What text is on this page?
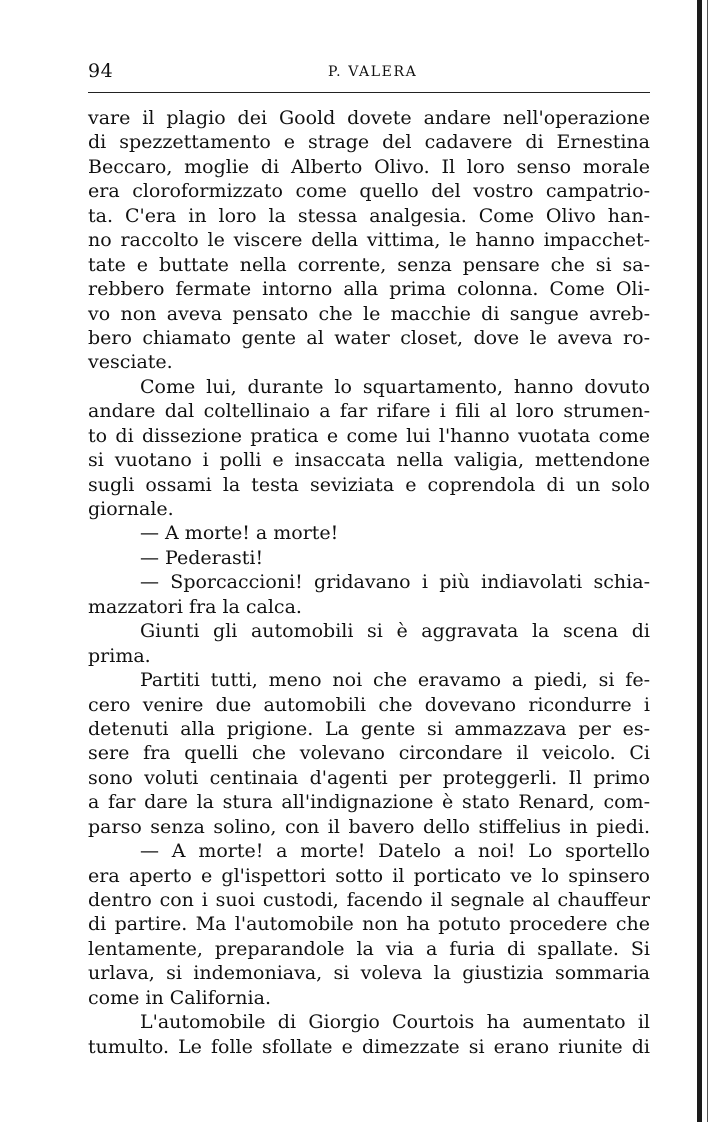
94	P. VALERA
vare il plagio dei Goold dovete andare nell'operazione
di spezzettamento e strage del cadavere di Ernestina
Beccaro, moglie di Alberto Olivo. Il loro senso morale
era cloroformizzato come quello del vostro campatrio-
ta. C'era in loro la stessa analgesia. Come Olivo han-
no raccolto le viscere della vittima, le hanno impacchet-
tate e buttate nella corrente, senza pensare che si sa-
rebbero fermate intorno alla prima colonna. Come Oli-
vo non aveva pensato che le macchie di sangue avreb-
bero chiamato gente al water closet, dove le aveva ro-
vesciate.
Come lui, durante lo squartamento, hanno dovuto
andare dal coltellinaio a far rifare i fili al loro strumen-
to di dissezione pratica e come lui l'hanno vuotata come
si vuotano i polli e insaccata nella valigia, mettendone
sugli ossami la testa seviziata e coprendola di un solo
giornale.
— A morte! a morte!
— Pederasti!
— Sporcaccioni! gridavano i più indiavolati schia-
mazzatori fra la calca.
Giunti gli automobili si è aggravata la scena di
prima.
Partiti tutti, meno noi che eravamo a piedi, si fe-
cero venire due automobili che dovevano ricondurre i
detenuti alla prigione. La gente si ammazzava per es-
sere fra quelli che volevano circondare il veicolo. Ci
sono voluti centinaia d'agenti per proteggerli. Il primo
a far dare la stura all'indignazione è stato Renard, com-
parso senza solino, con il bavero dello stiffelius in piedi.
— A morte! a morte! Datelo a noi! Lo sportello
era aperto e gl'ispettori sotto il porticato ve lo spinsero
dentro con i suoi custodi, facendo il segnale al chauffeur
di partire. Ma l'automobile non ha potuto procedere che
lentamente, preparandole la via a furia di spallate. Si
urlava, si indemoniava, si voleva la giustizia sommaria
come in California.
L'automobile di Giorgio Courtois ha aumentato il
tumulto. Le folle sfollate e dimezzate si erano riunite di
